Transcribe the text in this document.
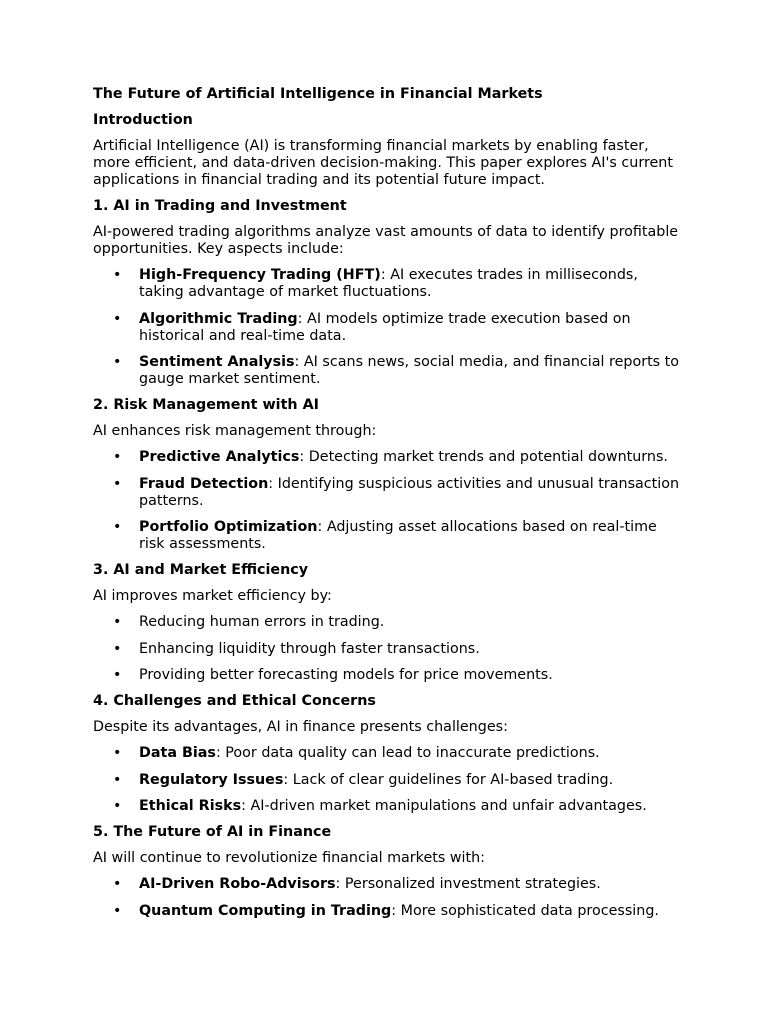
The Future of Artificial Intelligence in Financial Markets
Introduction
Artificial Intelligence (AI) is transforming financial markets by enabling faster, more efficient, and data-driven decision-making. This paper explores AI's current applications in financial trading and its potential future impact.
1. AI in Trading and Investment
AI-powered trading algorithms analyze vast amounts of data to identify profitable opportunities. Key aspects include:
• High-Frequency Trading (HFT): AI executes trades in milliseconds, taking advantage of market fluctuations.
• Algorithmic Trading: AI models optimize trade execution based on historical and real-time data.
• Sentiment Analysis: AI scans news, social media, and financial reports to gauge market sentiment.
2. Risk Management with AI
AI enhances risk management through:
• Predictive Analytics: Detecting market trends and potential downturns.
• Fraud Detection: Identifying suspicious activities and unusual transaction patterns.
• Portfolio Optimization: Adjusting asset allocations based on real-time risk assessments.
3. AI and Market Efficiency
AI improves market efficiency by:
• Reducing human errors in trading.
• Enhancing liquidity through faster transactions.
• Providing better forecasting models for price movements.
4. Challenges and Ethical Concerns
Despite its advantages, AI in finance presents challenges:
• Data Bias: Poor data quality can lead to inaccurate predictions.
• Regulatory Issues: Lack of clear guidelines for AI-based trading.
• Ethical Risks: AI-driven market manipulations and unfair advantages.
5. The Future of AI in Finance
AI will continue to revolutionize financial markets with:
• AI-Driven Robo-Advisors: Personalized investment strategies.
• Quantum Computing in Trading: More sophisticated data processing.
